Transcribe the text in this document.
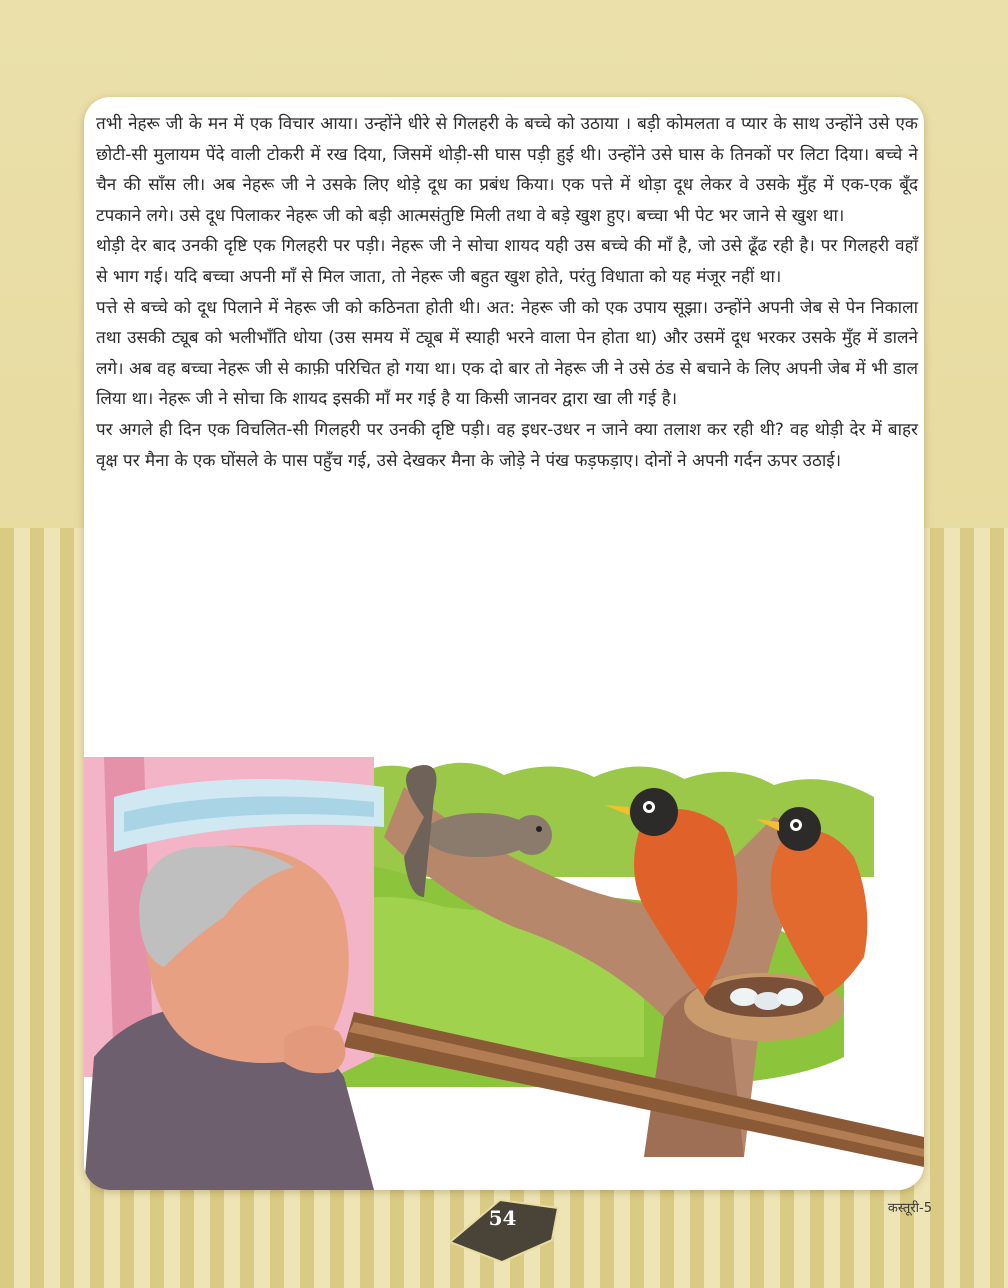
तभी नेहरू जी के मन में एक विचार आया। उन्होंने धीरे से गिलहरी के बच्चे को उठाया । बड़ी कोमलता व प्यार के साथ उन्होंने उसे एक छोटी-सी मुलायम पेंदे वाली टोकरी में रख दिया, जिसमें थोड़ी-सी घास पड़ी हुई थी। उन्होंने उसे घास के तिनकों पर लिटा दिया। बच्चे ने चैन की साँस ली। अब नेहरू जी ने उसके लिए थोड़े दूध का प्रबंध किया। एक पत्ते में थोड़ा दूध लेकर वे उसके मुँह में एक-एक बूँद टपकाने लगे। उसे दूध पिलाकर नेहरू जी को बड़ी आत्मसंतुष्टि मिली तथा वे बड़े खुश हुए। बच्चा भी पेट भर जाने से खुश था।

थोड़ी देर बाद उनकी दृष्टि एक गिलहरी पर पड़ी। नेहरू जी ने सोचा शायद यही उस बच्चे की माँ है, जो उसे ढूँढ रही है। पर गिलहरी वहाँ से भाग गई। यदि बच्चा अपनी माँ से मिल जाता, तो नेहरू जी बहुत खुश होते, परंतु विधाता को यह मंजूर नहीं था।

पत्ते से बच्चे को दूध पिलाने में नेहरू जी को कठिनता होती थी। अत: नेहरू जी को एक उपाय सूझा। उन्होंने अपनी जेब से पेन निकाला तथा उसकी ट्यूब को भलीभाँति धोया (उस समय में ट्यूब में स्याही भरने वाला पेन होता था) और उसमें दूध भरकर उसके मुँह में डालने लगे। अब वह बच्चा नेहरू जी से काफ़ी परिचित हो गया था। एक दो बार तो नेहरू जी ने उसे ठंड से बचाने के लिए अपनी जेब में भी डाल लिया था। नेहरू जी ने सोचा कि शायद इसकी माँ मर गई है या किसी जानवर द्वारा खा ली गई है।

पर अगले ही दिन एक विचलित-सी गिलहरी पर उनकी दृष्टि पड़ी। वह इधर-उधर न जाने क्या तलाश कर रही थी? वह थोड़ी देर में बाहर वृक्ष पर मैना के एक घोंसले के पास पहुँच गई, उसे देखकर मैना के जोड़े ने पंख फड़फड़ाए। दोनों ने अपनी गर्दन ऊपर उठाई।

54	कस्तूरी-5
